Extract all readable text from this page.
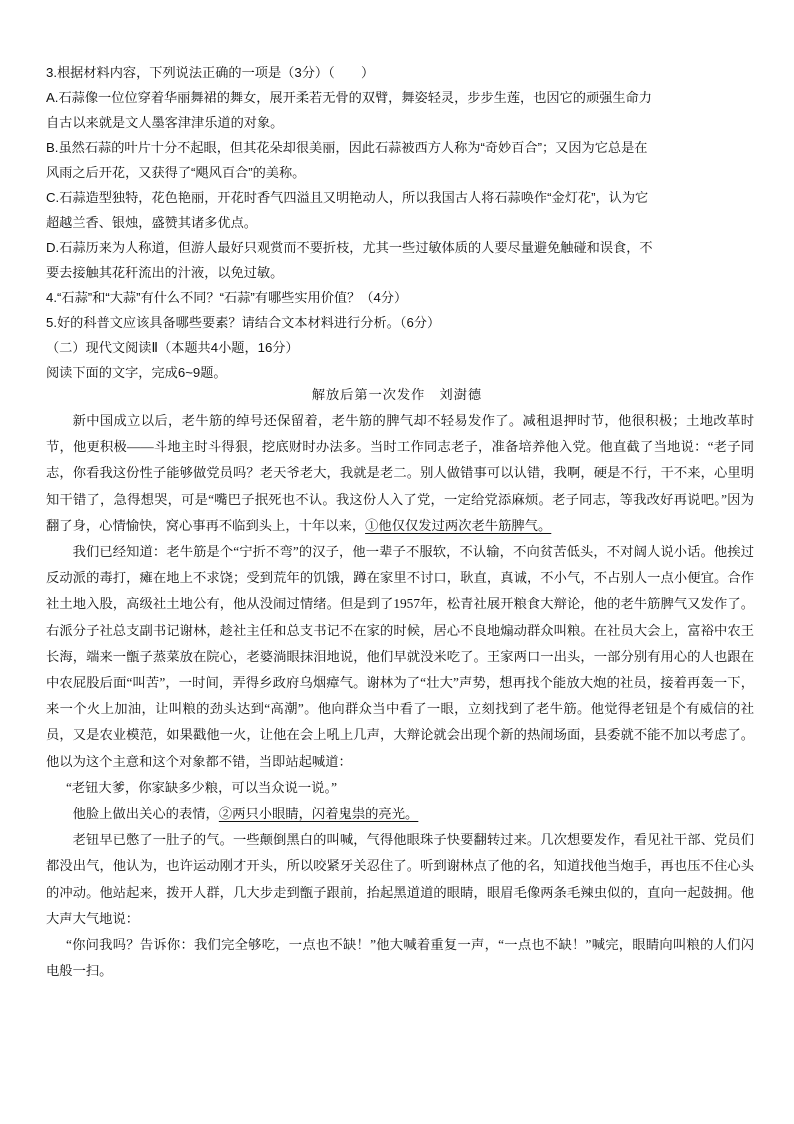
3.根据材料内容，下列说法正确的一项是（3分）（　　）

A.石蒜像一位位穿着华丽舞裙的舞女，展开柔若无骨的双臂，舞姿轻灵，步步生莲，也因它的顽强生命力
自古以来就是文人墨客津津乐道的对象。

B.虽然石蒜的叶片十分不起眼，但其花朵却很美丽，因此石蒜被西方人称为“奇妙百合”；又因为它总是在
风雨之后开花，又获得了“飓风百合”的美称。

C.石蒜造型独特，花色艳丽，开花时香气四溢且又明艳动人，所以我国古人将石蒜唤作“金灯花”，认为它
超越兰香、银烛，盛赞其诸多优点。

D.石蒜历来为人称道，但游人最好只观赏而不要折枝，尤其一些过敏体质的人要尽量避免触碰和误食，不
要去接触其花秆流出的汁液，以免过敏。

4.“石蒜”和“大蒜”有什么不同？“石蒜”有哪些实用价值？（4分）

5.好的科普文应该具备哪些要素？请结合文本材料进行分析。（6分）

（二）现代文阅读Ⅱ（本题共4小题，16分）

阅读下面的文字，完成6~9题。

解放后第一次发作　刘澍德

新中国成立以后，老牛筋的绰号还保留着，老牛筋的脾气却不轻易发作了。减租退押时节，他很积极；土地改革时节，他更积极——斗地主时斗得狠，挖底财时办法多。当时工作同志老子，准备培养他入党。他直截了当地说：“老子同志，你看我这份性子能够做党员吗？老天爷老大，我就是老二。别人做错事可以认错，我啊，硬是不行，干不来，心里明知干错了，急得想哭，可是“嘴巴子抿死也不认。我这份人入了党，一定给党添麻烦。老子同志，等我改好再说吧。”因为翻了身，心情愉快，窝心事再不临到头上，十年以来，①他仅仅发过两次老牛筋脾气。

我们已经知道：老牛筋是个“宁折不弯”的汉子，他一辈子不服软，不认输，不向贫苦低头，不对阔人说小话。他挨过反动派的毒打，瘫在地上不求饶；受到荒年的饥饿，蹲在家里不讨口，耿直，真诚，不小气，不占别人一点小便宜。合作社土地入股，高级社土地公有，他从没闹过情绪。但是到了1957年，松青社展开粮食大辩论，他的老牛筋脾气又发作了。右派分子社总支副书记谢林，趁社主任和总支书记不在家的时候，居心不良地煽动群众叫粮。在社员大会上，富裕中农王长海，端来一甑子蒸菜放在院心，老婆淌眼抹泪地说，他们早就没米吃了。王家两口一出头，一部分别有用心的人也跟在中农屁股后面“叫苦”，一时间，弄得乡政府乌烟瘴气。谢林为了“壮大”声势，想再找个能放大炮的社员，接着再轰一下，来一个火上加油，让叫粮的劲头达到“高潮”。他向群众当中看了一眼，立刻找到了老牛筋。他觉得老钮是个有威信的社员，又是农业模范，如果戳他一火，让他在会上吼上几声，大辩论就会出现个新的热闹场面，县委就不能不加以考虑了。他以为这个主意和这个对象都不错，当即站起喊道：

“老钮大爹，你家缺多少粮，可以当众说一说。”

他脸上做出关心的表情，②两只小眼睛，闪着鬼祟的亮光。

老钮早已憋了一肚子的气。一些颠倒黑白的叫喊，气得他眼珠子快要翻转过来。几次想要发作，看见社干部、党员们都没出气，他认为，也许运动刚才开头，所以咬紧牙关忍住了。听到谢林点了他的名，知道找他当炮手，再也压不住心头的冲动。他站起来，拨开人群，几大步走到甑子跟前，抬起黑道道的眼睛，眼眉毛像两条毛辣虫似的，直向一起鼓拥。他大声大气地说：

“你问我吗？告诉你：我们完全够吃，一点也不缺！”他大喊着重复一声，“一点也不缺！”喊完，眼睛向叫粮的人们闪电般一扫。
